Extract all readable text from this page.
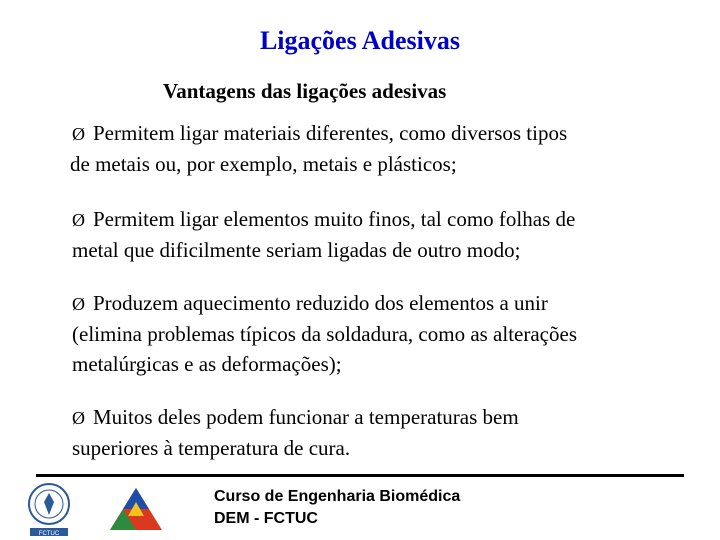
Ligações Adesivas
Vantagens das ligações adesivas
Ø Permitem ligar materiais diferentes, como diversos tipos
de metais ou, por exemplo, metais e plásticos;
Ø Permitem ligar elementos muito finos, tal como folhas de
metal que dificilmente seriam ligadas de outro modo;
Ø Produzem aquecimento reduzido dos elementos a unir
(elimina problemas típicos da soldadura, como as alterações
metalúrgicas e as deformações);
Ø Muitos deles podem funcionar a temperaturas bem
superiores à temperatura de cura.
FCTUC
Curso de Engenharia Biomédica
DEM - FCTUC
